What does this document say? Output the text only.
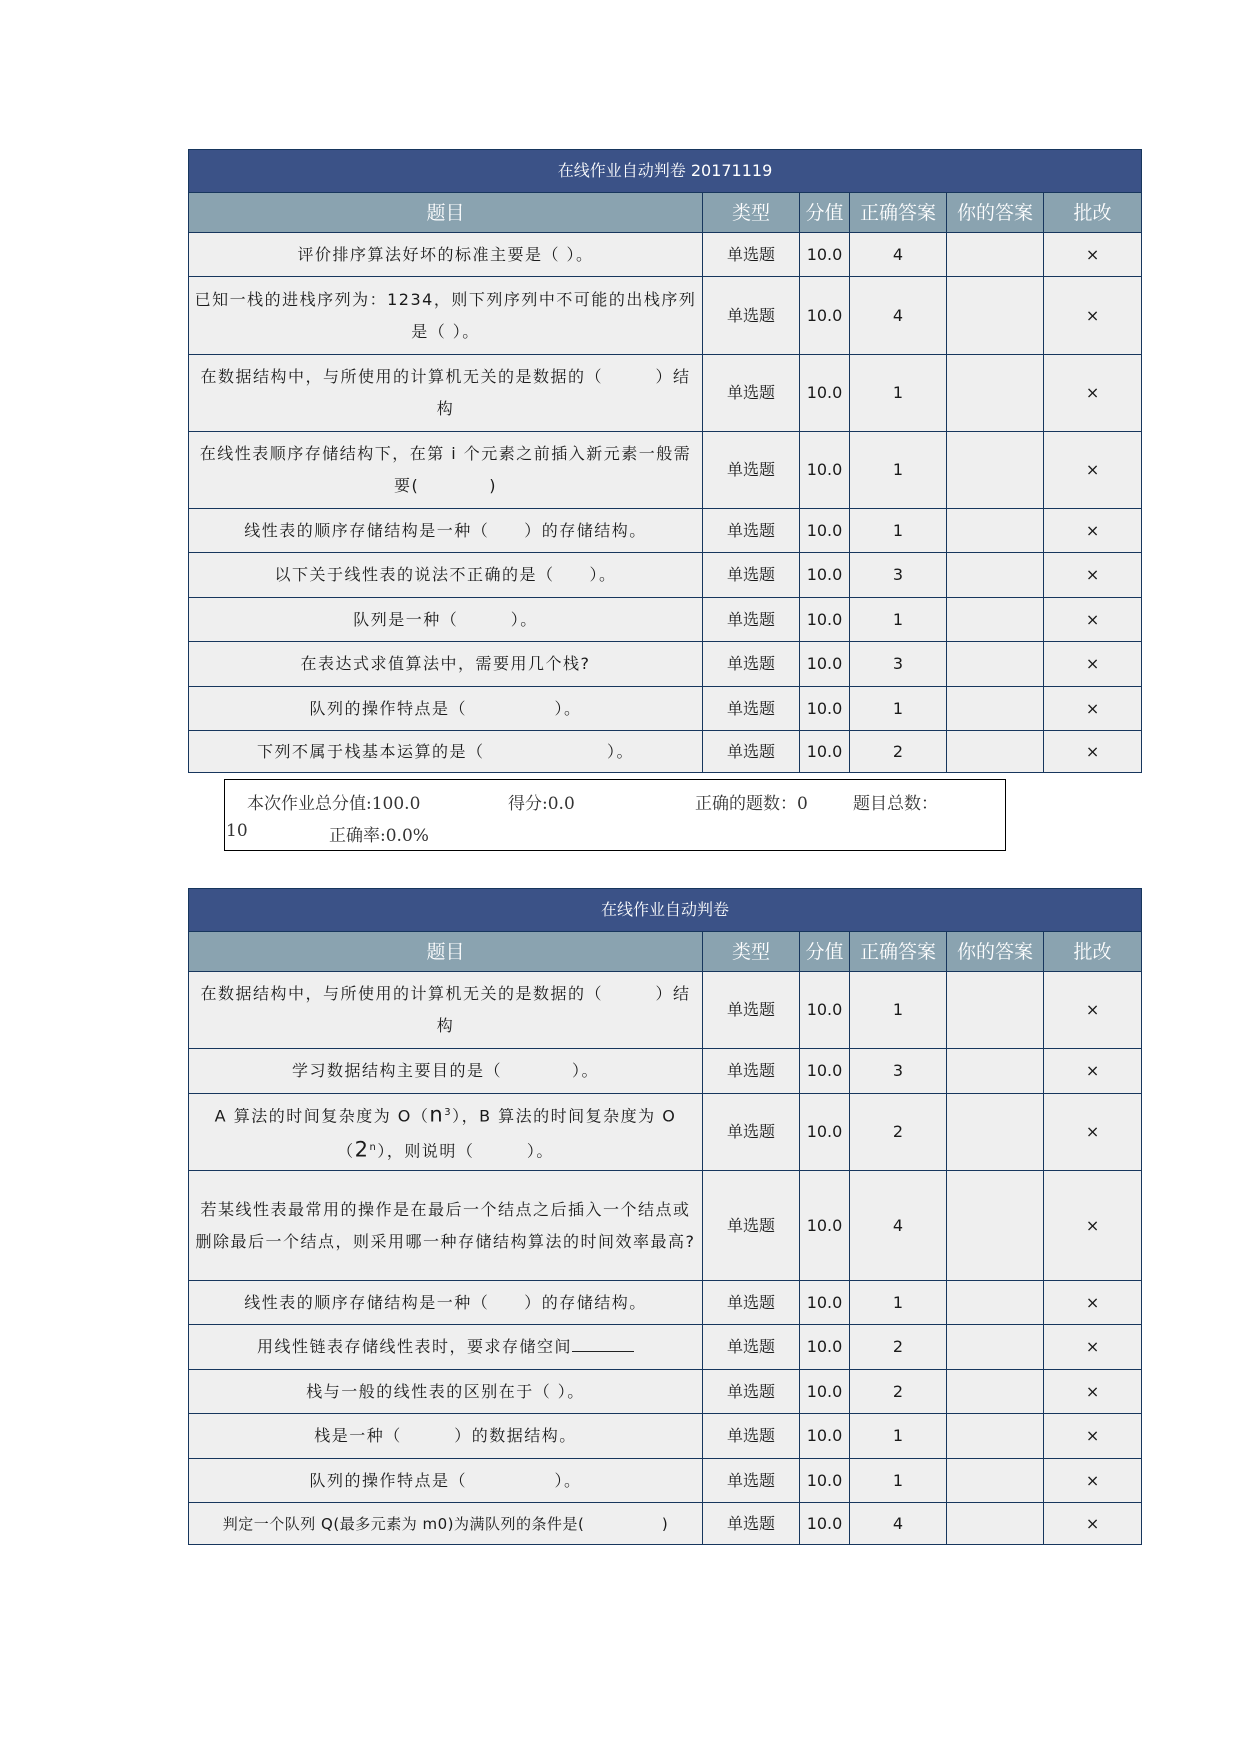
在线作业自动判卷 20171119					
题目	类型	分值	正确答案	你的答案	批改
评价排序算法好坏的标准主要是（ ）。	单选题	10.0	4		×
已知一栈的进栈序列为：1234，则下列序列中不可能的出栈序列是（ ）。	单选题	10.0	4		×
在数据结构中，与所使用的计算机无关的是数据的（　　　）结构	单选题	10.0	1		×
在线性表顺序存储结构下，在第 i 个元素之前插入新元素一般需要(　　　　)	单选题	10.0	1		×
线性表的顺序存储结构是一种（　　）的存储结构。	单选题	10.0	1		×
以下关于线性表的说法不正确的是（　　）。	单选题	10.0	3		×
队列是一种（　　　）。	单选题	10.0	1		×
在表达式求值算法中，需要用几个栈?	单选题	10.0	3		×
队列的操作特点是（　　　　　）。	单选题	10.0	1		×
下列不属于栈基本运算的是（　　　　　　　）。	单选题	10.0	2		×
本次作业总分值:100.0	得分:0.0	正确的题数：0	题目总数：
10	正确率:0.0%
在线作业自动判卷					
题目	类型	分值	正确答案	你的答案	批改
在数据结构中，与所使用的计算机无关的是数据的（　　　）结构	单选题	10.0	1		×
学习数据结构主要目的是（　　　　）。	单选题	10.0	3		×
A 算法的时间复杂度为 $O(n^3)$，B 算法的时间复杂度为 O（2$^n$），则说明（　　　）。	单选题	10.0	2		×
若某线性表最常用的操作是在最后一个结点之后插入一个结点或删除最后一个结点，则采用哪一种存储结构算法的时间效率最高?	单选题	10.0	4		×
线性表的顺序存储结构是一种（　　）的存储结构。	单选题	10.0	1		×
用线性链表存储线性表时，要求存储空间	单选题	10.0	2		×
栈与一般的线性表的区别在于（ ）。	单选题	10.0	2		×
栈是一种（　　　）的数据结构。	单选题	10.0	1		×
队列的操作特点是（　　　　　）。	单选题	10.0	1		×
判定一个队列 Q(最多元素为 m0)为满队列的条件是(　　　　　)	单选题	10.0	4		×
